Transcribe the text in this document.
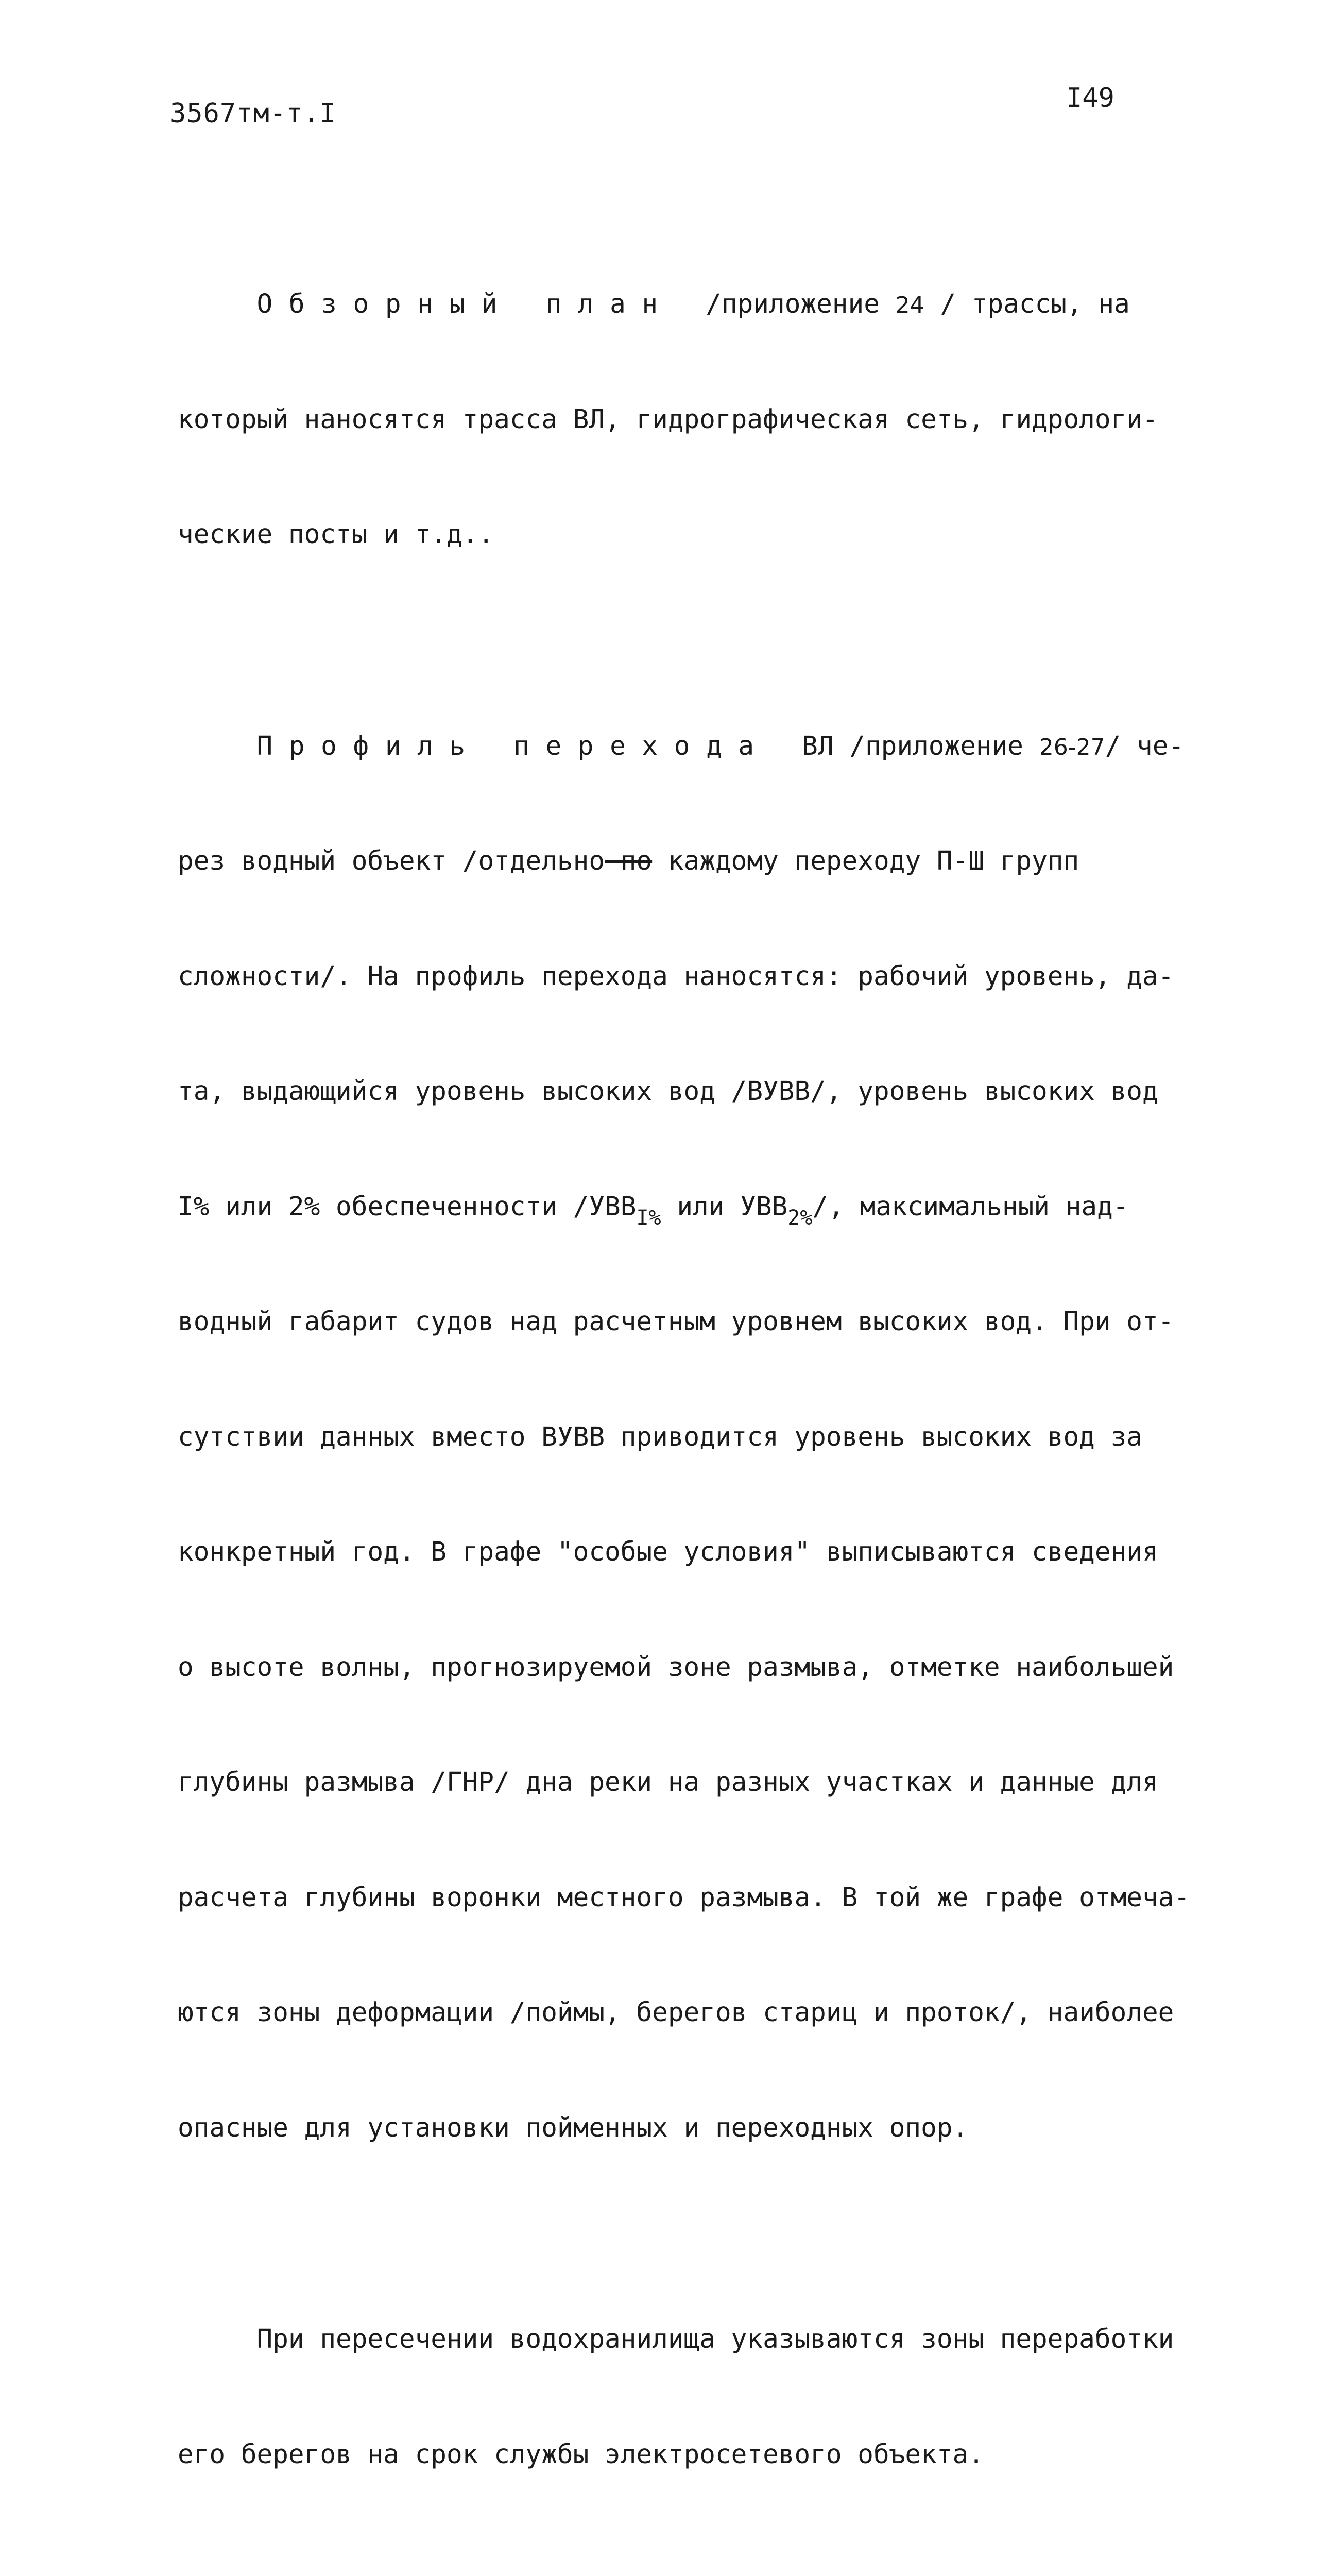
3567тм-т.I	I49

Обзорный план  /приложение 24 / трассы, на

который наносятся трасса ВЛ, гидрографическая сеть, гидрологи-

ческие посты и т.д..

Профиль перехода  ВЛ /приложение 26-27/ че-

рез водный объект /отдельно—по каждому переходу П-Ш групп

сложности/. На профиль перехода наносятся: рабочий уровень, да-

та, выдающийся уровень высоких вод /ВУВВ/, уровень высоких вод

I% или 2% обеспеченности $/УВВ_{I\%}$ или $УВВ_{2\%}/$, максимальный над-

водный габарит судов над расчетным уровнем высоких вод. При от-

сутствии данных вместо ВУВВ приводится уровень высоких вод за

конкретный год. В графе "особые условия" выписываются сведения

о высоте волны, прогнозируемой зоне размыва, отметке наибольшей

глубины размыва /ГНР/ дна реки на разных участках и данные для

расчета глубины воронки местного размыва. В той же графе отмеча-

ются зоны деформации /поймы, берегов стариц и проток/, наиболее

опасные для установки пойменных и переходных опор.

При пересечении водохранилища указываются зоны переработки

его берегов на срок службы электросетевого объекта.
